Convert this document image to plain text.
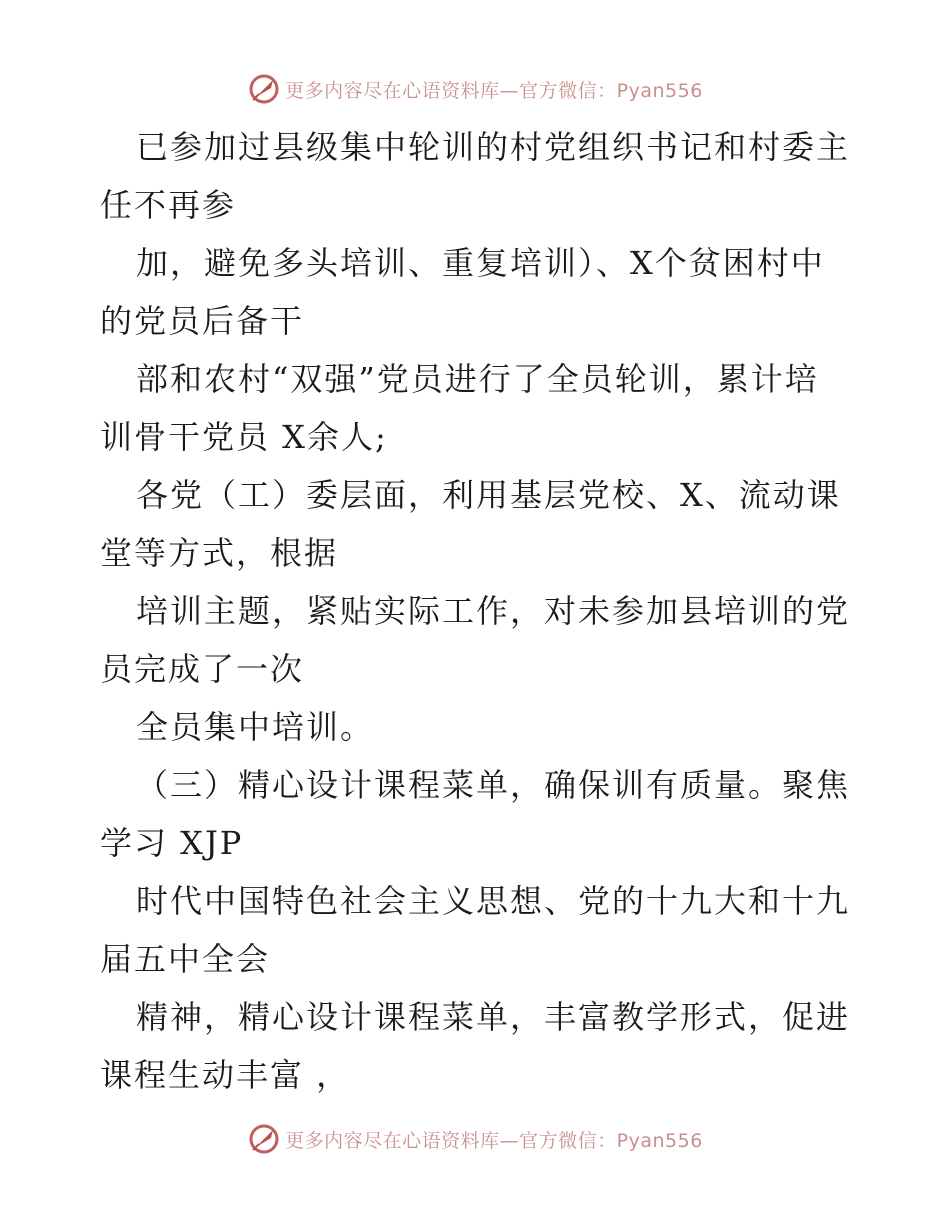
更多内容尽在心语资料库—官方微信：Pyan556
已参加过县级集中轮训的村党组织书记和村委主
任不再参
加，避免多头培训、重复培训）、X个贫困村中
的党员后备干
部和农村“双强”党员进行了全员轮训，累计培
训骨干党员 X余人;
各党（工）委层面，利用基层党校、X、流动课
堂等方式，根据
培训主题，紧贴实际工作，对未参加县培训的党
员完成了一次
全员集中培训。
（三）精心设计课程菜单，确保训有质量。聚焦
学习 XJP
时代中国特色社会主义思想、党的十九大和十九
届五中全会
精神，精心设计课程菜单，丰富教学形式，促进
课程生动丰富 ，
更多内容尽在心语资料库—官方微信：Pyan556
